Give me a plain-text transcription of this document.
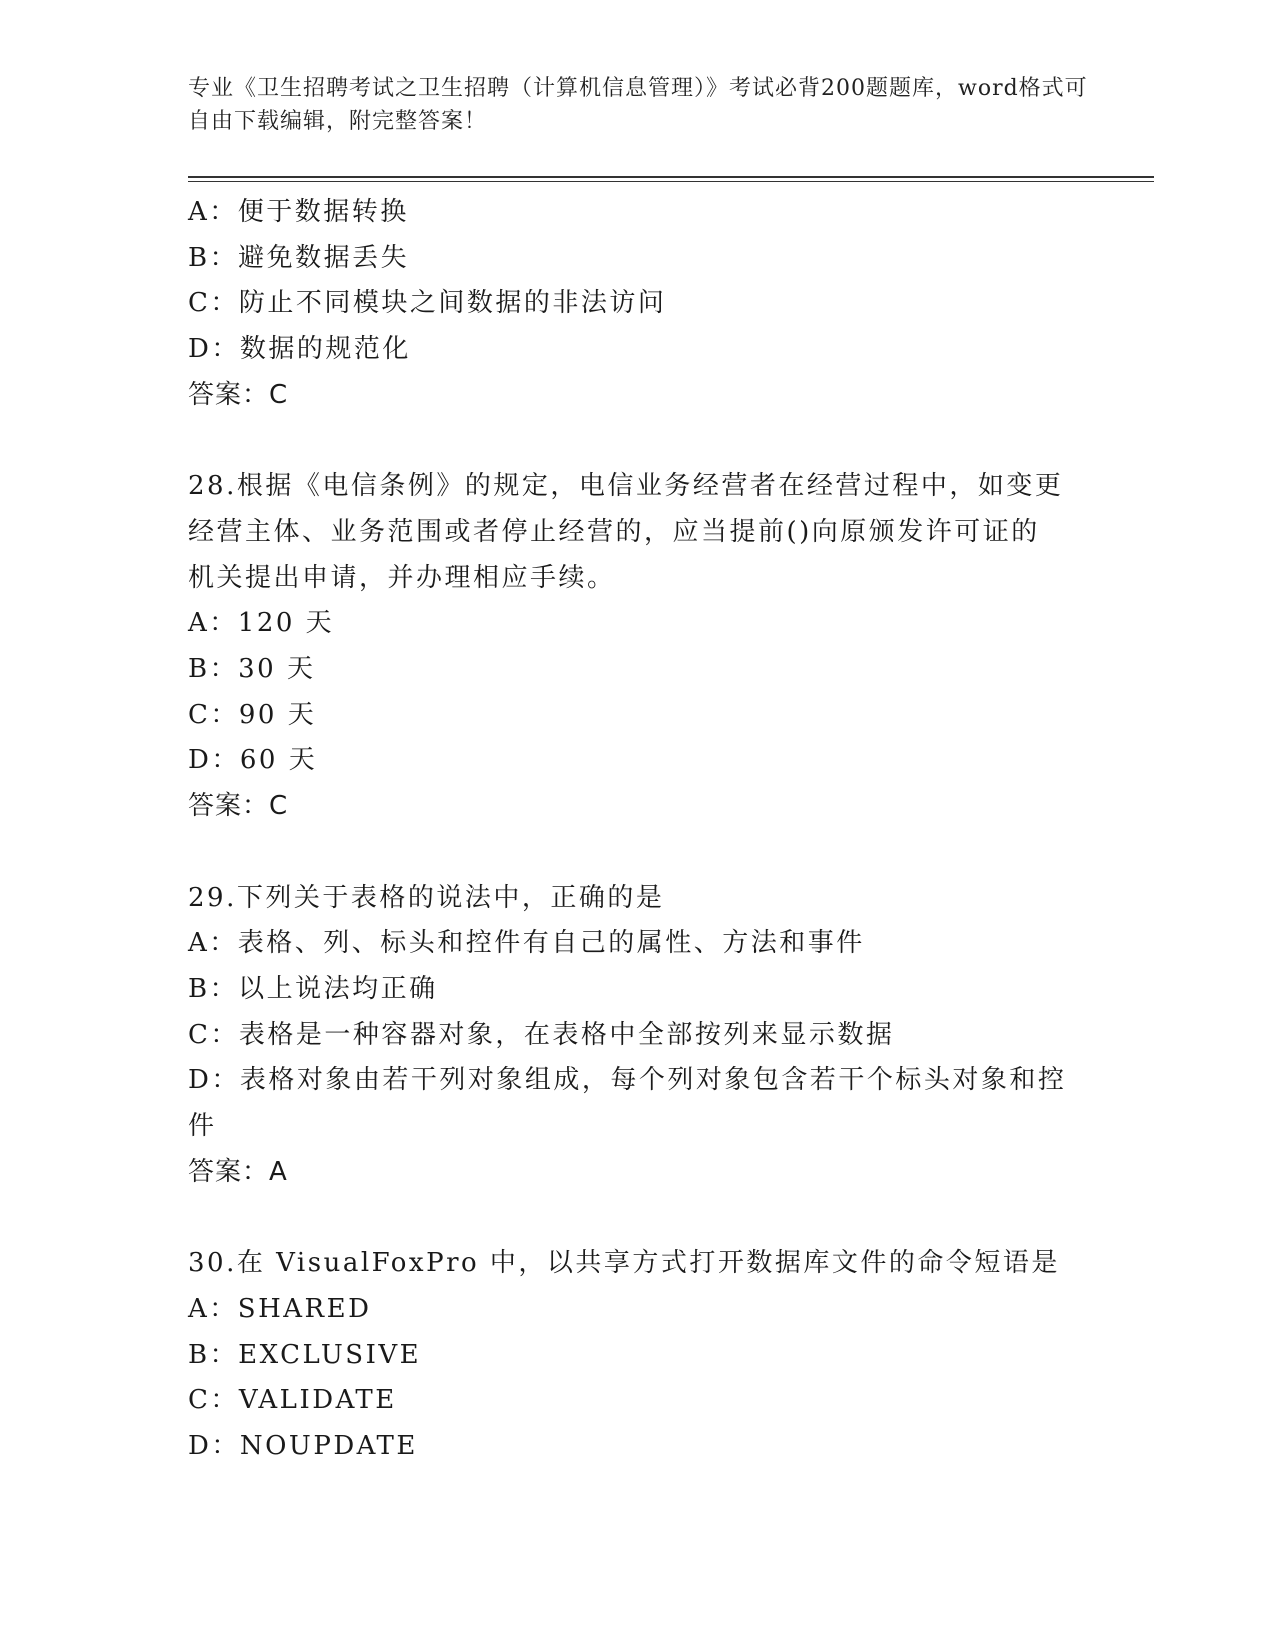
专业《卫生招聘考试之卫生招聘（计算机信息管理）》考试必背200题题库，word格式可自由下载编辑，附完整答案！
A：便于数据转换
B：避免数据丢失
C：防止不同模块之间数据的非法访问
D：数据的规范化
答案：C
28.根据《电信条例》的规定，电信业务经营者在经营过程中，如变更
经营主体、业务范围或者停止经营的，应当提前()向原颁发许可证的
机关提出申请，并办理相应手续。
A：120 天
B：30 天
C：90 天
D：60 天
答案：C
29.下列关于表格的说法中，正确的是
A：表格、列、标头和控件有自己的属性、方法和事件
B：以上说法均正确
C：表格是一种容器对象，在表格中全部按列来显示数据
D：表格对象由若干列对象组成，每个列对象包含若干个标头对象和控
件
答案：A
30.在 VisualFoxPro 中，以共享方式打开数据库文件的命令短语是
A：SHARED
B：EXCLUSIVE
C：VALIDATE
D：NOUPDATE
